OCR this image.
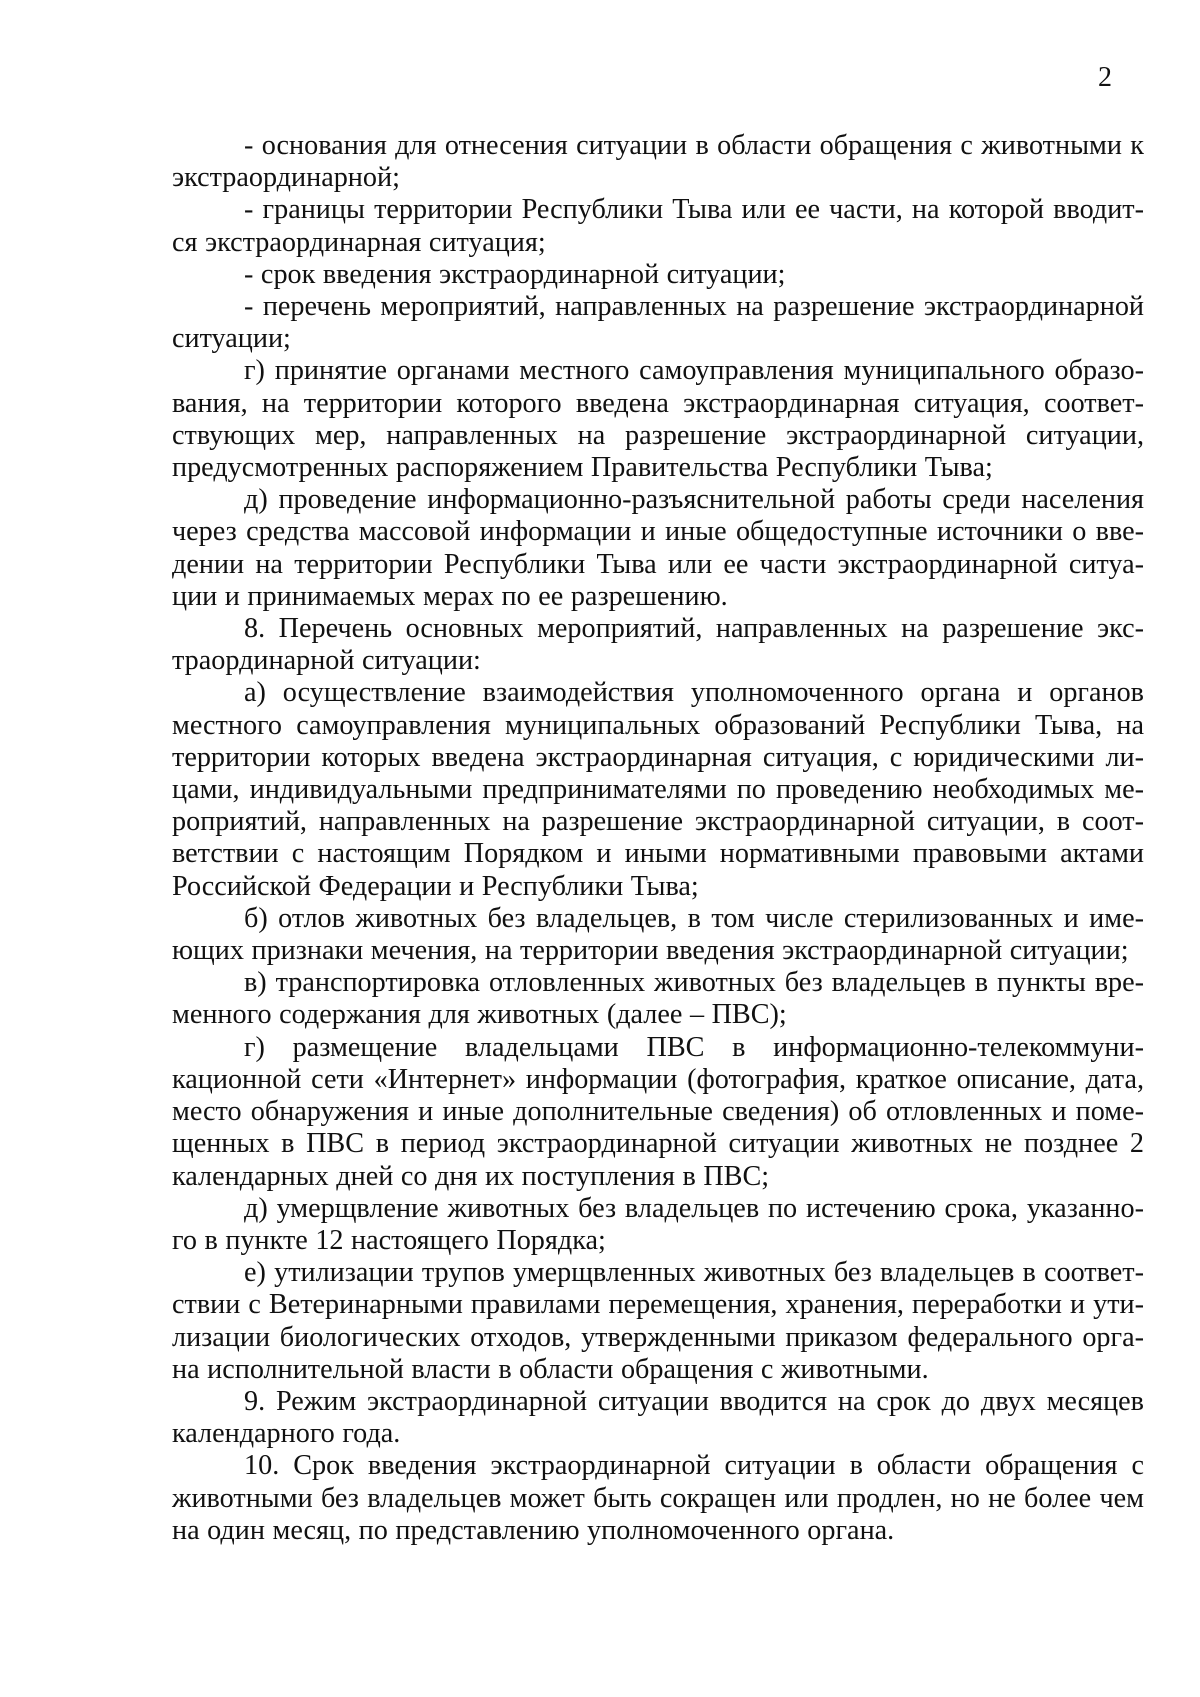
2

- основания для отнесения ситуации в области обращения с животными к экстраординарной;

- границы территории Республики Тыва или ее части, на которой вводится экстраординарная ситуация;

- срок введения экстраординарной ситуации;

- перечень мероприятий, направленных на разрешение экстраординарной ситуации;

г) принятие органами местного самоуправления муниципального образования, на территории которого введена экстраординарная ситуация, соответствующих мер, направленных на разрешение экстраординарной ситуации, предусмотренных распоряжением Правительства Республики Тыва;

д) проведение информационно-разъяснительной работы среди населения через средства массовой информации и иные общедоступные источники о введении на территории Республики Тыва или ее части экстраординарной ситуации и принимаемых мерах по ее разрешению.

8. Перечень основных мероприятий, направленных на разрешение экстраординарной ситуации:

а) осуществление взаимодействия уполномоченного органа и органов местного самоуправления муниципальных образований Республики Тыва, на территории которых введена экстраординарная ситуация, с юридическими лицами, индивидуальными предпринимателями по проведению необходимых мероприятий, направленных на разрешение экстраординарной ситуации, в соответствии с настоящим Порядком и иными нормативными правовыми актами Российской Федерации и Республики Тыва;

б) отлов животных без владельцев, в том числе стерилизованных и имеющих признаки мечения, на территории введения экстраординарной ситуации;

в) транспортировка отловленных животных без владельцев в пункты временного содержания для животных (далее – ПВС);

г) размещение владельцами ПВС в информационно-телекоммуникационной сети «Интернет» информации (фотография, краткое описание, дата, место обнаружения и иные дополнительные сведения) об отловленных и помещенных в ПВС в период экстраординарной ситуации животных не позднее 2 календарных дней со дня их поступления в ПВС;

д) умерщвление животных без владельцев по истечению срока, указанного в пункте 12 настоящего Порядка;

е) утилизации трупов умерщвленных животных без владельцев в соответствии с Ветеринарными правилами перемещения, хранения, переработки и утилизации биологических отходов, утвержденными приказом федерального органа исполнительной власти в области обращения с животными.

9. Режим экстраординарной ситуации вводится на срок до двух месяцев календарного года.

10. Срок введения экстраординарной ситуации в области обращения с животными без владельцев может быть сокращен или продлен, но не более чем на один месяц, по представлению уполномоченного органа.
